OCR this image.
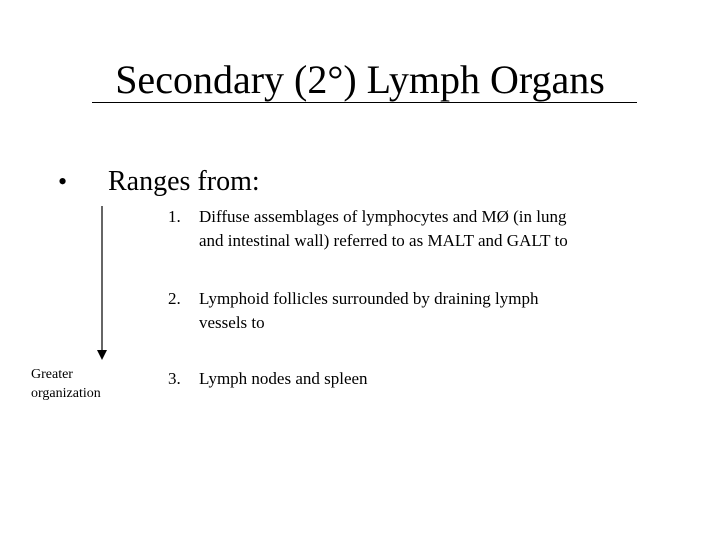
Secondary (2°) Lymph Organs
• Ranges from:
1.	Diffuse assemblages of lymphocytes and MØ (in lung
and intestinal wall) referred to as MALT and GALT to
2.	Lymphoid follicles surrounded by draining lymph
vessels to
3.	Lymph nodes and spleen
Greater
organization
